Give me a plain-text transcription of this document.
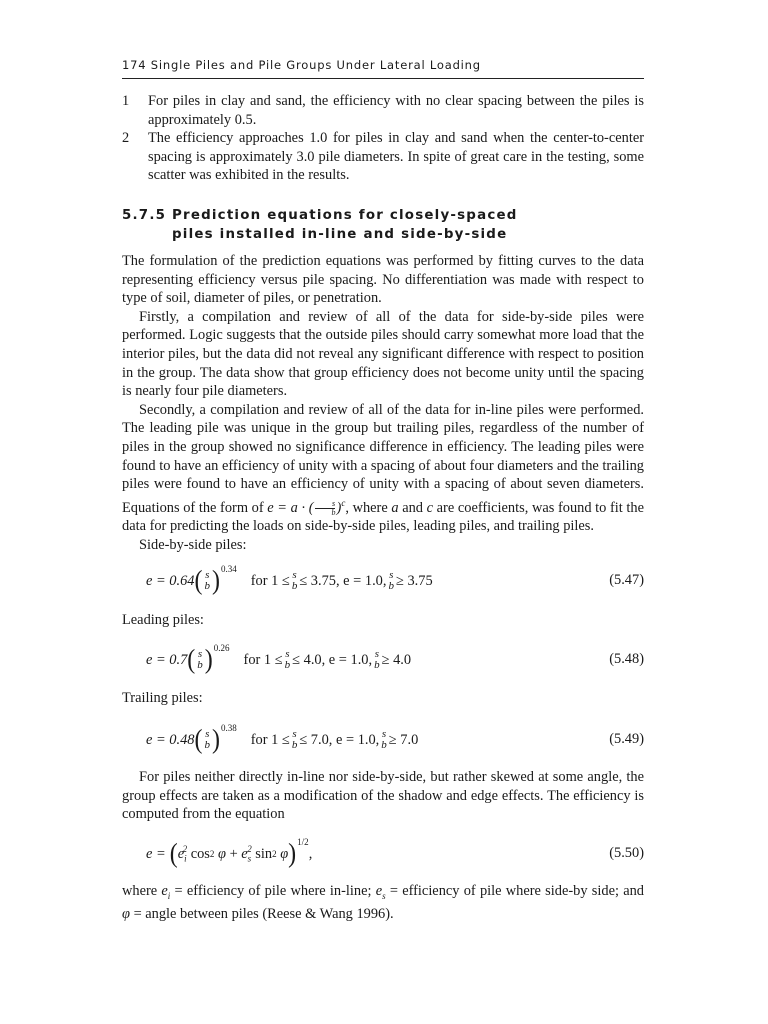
174 Single Piles and Pile Groups Under Lateral Loading
1	For piles in clay and sand, the efficiency with no clear spacing between the piles is approximately 0.5.
2	The efficiency approaches 1.0 for piles in clay and sand when the center-to-center spacing is approximately 3.0 pile diameters. In spite of great care in the testing, some scatter was exhibited in the results.
5.7.5 Prediction equations for closely-spaced
piles installed in-line and side-by-side

The formulation of the prediction equations was performed by fitting curves to the data representing efficiency versus pile spacing. No differentiation was made with respect to type of soil, diameter of piles, or penetration.

Firstly, a compilation and review of all of the data for side-by-side piles were performed. Logic suggests that the outside piles should carry somewhat more load that the interior piles, but the data did not reveal any significant difference with respect to position in the group. The data show that group efficiency does not become unity until the spacing is nearly four pile diameters.

Secondly, a compilation and review of all of the data for in-line piles were performed. The leading pile was unique in the group but trailing piles, regardless of the number of piles in the group showed no significance difference in efficiency. The leading piles were found to have an efficiency of unity with a spacing of about four diameters and the trailing piles were found to have an efficiency of unity with a spacing of about seven diameters. Equations of the form of e = a · ( $\frac{s}{b} )^c$, where a and c are coefficients, was found to fit the data for predicting the loads on side-by-side piles, leading piles, and trailing piles.

Side-by-side piles:

e = 0.64 ( s
b ) 0.34
for 1 ≤ s
b ≤ 3.75, e = 1.0, s
b ≥ 3.75	(5.47)
Leading piles:
e = 0.7 ( s
b ) 0.26
for 1 ≤ s
b ≤ 4.0, e = 1.0, s
b ≥ 4.0	(5.48)
Trailing piles:
e = 0.48 ( s
b ) 0.38
for 1 ≤ s
b ≤ 7.0, e = 1.0, s
b ≥ 7.0	(5.49)

For piles neither directly in-line nor side-by-side, but rather skewed at some angle, the group effects are taken as a modification of the shadow and edge effects. The efficiency is computed from the equation

e = ( $e_i^2$ cos 2
$\varphi + e_s^2$ sin 2
φ ) 1/2
,	(5.50)

where $e_i$ = efficiency of pile where in-line; $e_s$ = efficiency of pile where side-by side; and φ = angle between piles (Reese & Wang 1996).
